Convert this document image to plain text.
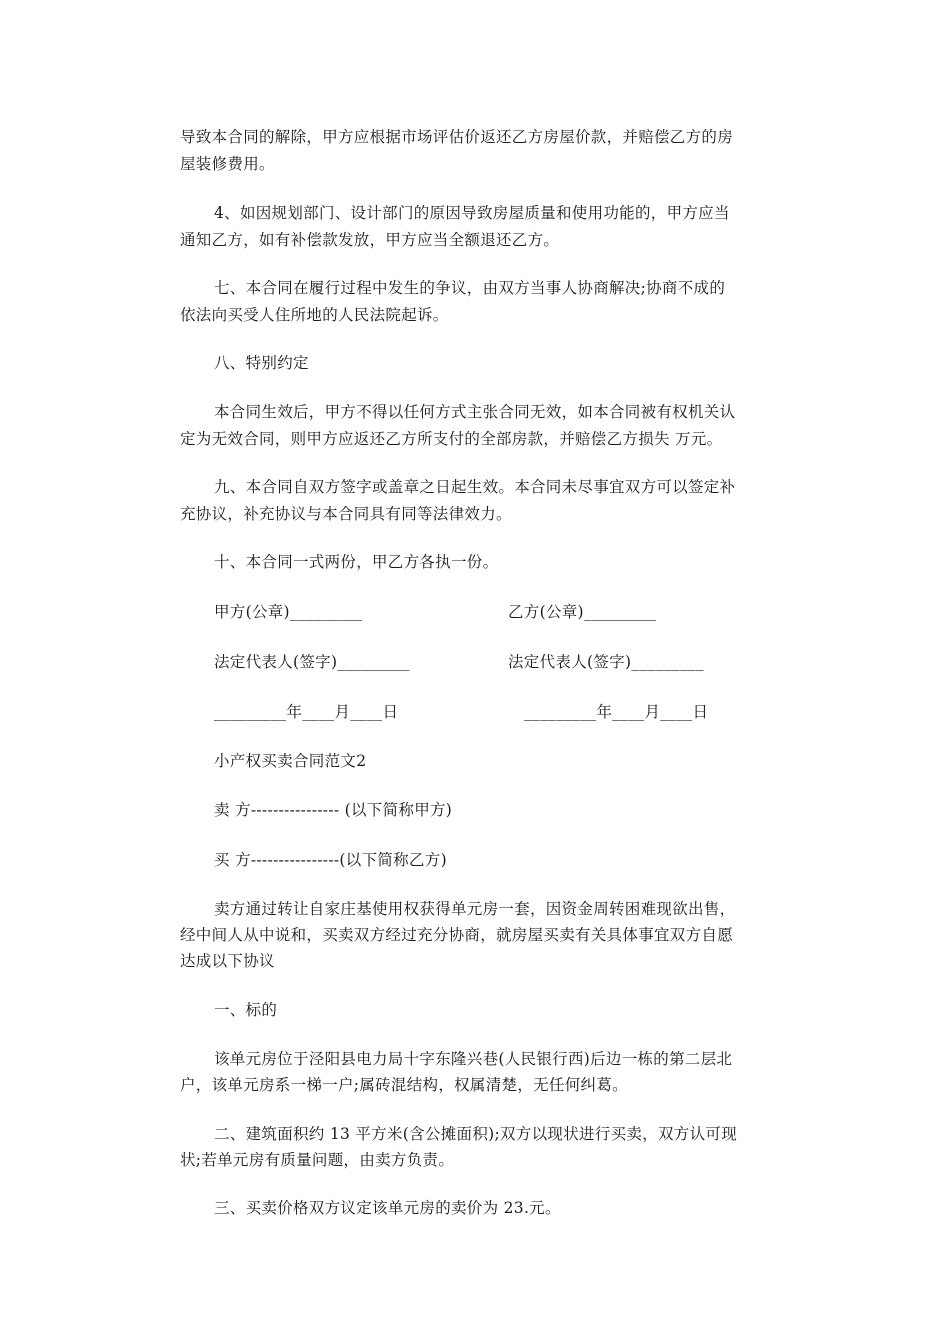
导致本合同的解除，甲方应根据市场评估价返还乙方房屋价款，并赔偿乙方的房
屋装修费用。
4、如因规划部门、设计部门的原因导致房屋质量和使用功能的，甲方应当
通知乙方，如有补偿款发放，甲方应当全额退还乙方。
七、本合同在履行过程中发生的争议，由双方当事人协商解决;协商不成的
依法向买受人住所地的人民法院起诉。
八、特别约定
本合同生效后，甲方不得以任何方式主张合同无效，如本合同被有权机关认
定为无效合同，则甲方应返还乙方所支付的全部房款，并赔偿乙方损失 万元。
九、本合同自双方签字或盖章之日起生效。本合同未尽事宜双方可以签定补
充协议，补充协议与本合同具有同等法律效力。
十、本合同一式两份，甲乙方各执一份。
甲方(公章)_________	乙方(公章)_________
法定代表人(签字)_________	法定代表人(签字)_________
_________年____月____日	_________年____月____日
小产权买卖合同范文2
卖 方---------------- (以下简称甲方)
买 方----------------(以下简称乙方)
卖方通过转让自家庄基使用权获得单元房一套，因资金周转困难现欲出售，
经中间人从中说和，买卖双方经过充分协商，就房屋买卖有关具体事宜双方自愿
达成以下协议
一、标的
该单元房位于泾阳县电力局十字东隆兴巷(人民银行西)后边一栋的第二层北
户，该单元房系一梯一户;属砖混结构，权属清楚，无任何纠葛。
二、建筑面积约 13 平方米(含公摊面积);双方以现状进行买卖，双方认可现
状;若单元房有质量问题，由卖方负责。
三、买卖价格双方议定该单元房的卖价为 23.元。
